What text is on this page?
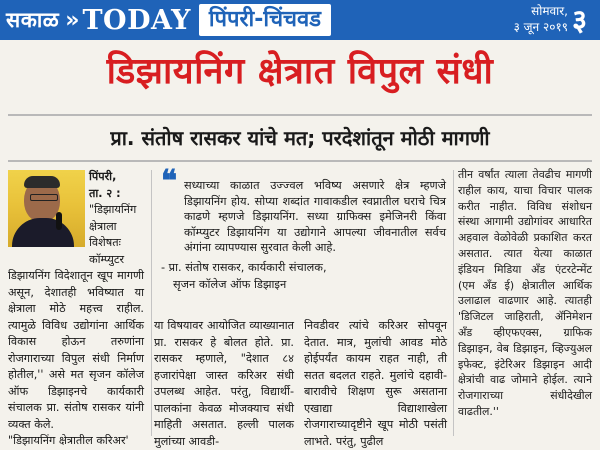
सकाळ » TODAY पिंपरी-चिंचवड	सोमवार,
३ जून २०१९ ३
डिझायनिंग क्षेत्रात विपुल संधी
प्रा. संतोष रासकर यांचे मत; परदेशांतून मोठी मागणी

पिंपरी,

ता. २ :

"डिझायनिंग क्षेत्राला विशेषतः कॉम्प्युटर

डिझायनिंग विदेशातून खूप मागणी असून, देशातही भविष्यात या क्षेत्राला मोठे महत्त्व राहील. त्यामुळे विविध उद्योगांना आर्थिक विकास होऊन तरुणांना रोजगाराच्या विपुल संधी निर्माण होतील,'' असे मत सृजन कॉलेज ऑफ डिझाइनचे कार्यकारी संचालक प्रा. संतोष रासकर यांनी व्यक्त केले.

"डिझायनिंग क्षेत्रातील करिअर'

❝ सध्याच्या काळात उज्ज्वल भविष्य असणारे क्षेत्र म्हणजे डिझायनिंग होय. सोप्या शब्दांत गावाकडील स्वप्नातील घराचे चित्र काढणे म्हणजे डिझायनिंग. सध्या ग्राफिक्स इमेजिनरी किंवा कॉम्प्युटर डिझायनिंग या उद्योगाने आपल्या जीवनातील सर्वच अंगांना व्यापण्यास सुरवात केली आहे.
- प्रा. संतोष रासकर, कार्यकारी संचालक,
सृजन कॉलेज ऑफ डिझाइन
या विषयावर आयोजित व्याख्यानात प्रा. रासकर हे बोलत होते. प्रा. रासकर म्हणाले, "देशात ८४ हजारांपेक्षा जास्त करिअर संधी उपलब्ध आहेत. परंतु, विद्यार्थी- पालकांना केवळ मोजक्याच संधी माहिती असतात. हल्ली पालक मुलांच्या आवडी-
निवडीवर त्यांचे करिअर सोपवून देतात. मात्र, मुलांची आवड मोठे होईपर्यंत कायम राहत नाही, ती सतत बदलत राहते. मुलांचे दहावी-बारावीचे शिक्षण सुरू असताना एखाद्या विद्याशाखेला रोजगाराच्यादृष्टीने खूप मोठी पसंती लाभते. परंतु, पुढील
तीन वर्षांत त्याला तेवढीच मागणी राहील काय, याचा विचार पालक करीत नाहीत. विविध संशोधन संस्था आगामी उद्योगांवर आधारित अहवाल वेळोवेळी प्रकाशित करत असतात. त्यात येत्या काळात इंडियन मिडिया अँड एंटरटेन्मेंट (एम अँड ई) क्षेत्रातील आर्थिक उलाढाल वाढणार आहे. त्यातही 'डिजिटल जाहिराती, ॲनिमेशन अँड व्हीएफएक्स, ग्राफिक डिझाइन, वेब डिझाइन, व्हिज्युअल इफेक्ट, इंटेरिअर डिझाइन आदी क्षेत्रांची वाढ जोमाने होईल. त्याने रोजगाराच्या संधीदेखील वाढतील.''
